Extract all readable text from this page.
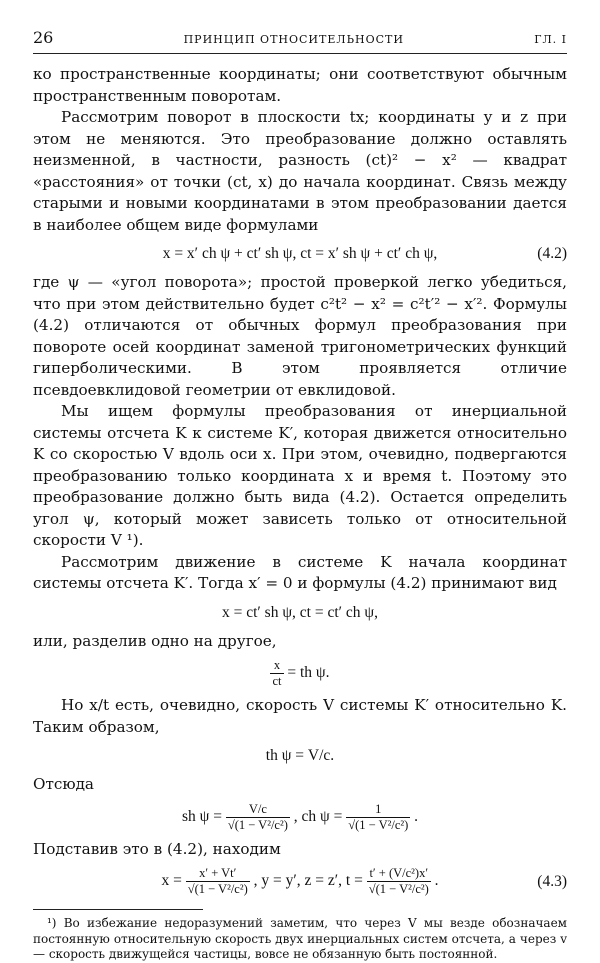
26	ПРИНЦИП ОТНОСИТЕЛЬНОСТИ	ГЛ. I

ко пространственные координаты; они соответствуют обычным пространственным поворотам.

Рассмотрим поворот в плоскости tx; координаты y и z при этом не меняются. Это преобразование должно оставлять неизменной, в частности, разность (ct)² − x² — квадрат «расстояния» от точки (ct, x) до начала координат. Связь между старыми и новыми координатами в этом преобразовании дается в наиболее общем виде формулами

x = x′ ch ψ + ct′ sh ψ, ct = x′ sh ψ + ct′ ch ψ,	(4.2)

где ψ — «угол поворота»; простой проверкой легко убедиться, что при этом действительно будет c²t² − x² = c²t′² − x′². Формулы (4.2) отличаются от обычных формул преобразования при повороте осей координат заменой тригонометрических функций гиперболическими. В этом проявляется отличие псевдоевклидовой геометрии от евклидовой.

Мы ищем формулы преобразования от инерциальной системы отсчета K к системе K′, которая движется относительно K со скоростью V вдоль оси x. При этом, очевидно, подвергаются преобразованию только координата x и время t. Поэтому это преобразование должно быть вида (4.2). Остается определить угол ψ, который может зависеть только от относительной скорости V ¹).

Рассмотрим движение в системе K начала координат системы отсчета K′. Тогда x′ = 0 и формулы (4.2) принимают вид

x = ct′ sh ψ, ct = ct′ ch ψ,

или, разделив одно на другое,

$\frac{x}{ct}$ = th ψ.

Но x/t есть, очевидно, скорость V системы K′ относительно K. Таким образом,

th ψ = V/c.

Отсюда

sh $\psi = \frac{V/c}{\text{√(1 − V²/c²)}}$ , ch $\psi = \frac{1}{\text{√(1 − V²/c²)}}$ .

Подставив это в (4.2), находим

$x = \frac{x' + Vt'}{\text{√(1 − V²/c²)}}$ , y = y′, z = z′, $t = \frac{\text{t′ + (V/c²)x′}}{\text{√(1 − V²/c²)}}$ .	(4.3)

¹) Во избежание недоразумений заметим, что через V мы везде обозначаем постоянную относительную скорость двух инерциальных систем отсчета, а через v — скорость движущейся частицы, вовсе не обязанную быть постоянной.
